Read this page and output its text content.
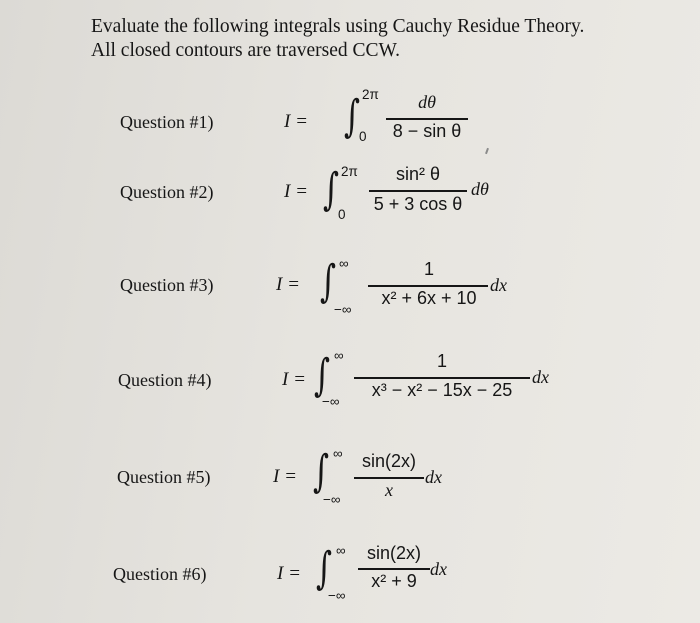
Evaluate the following integrals using Cauchy Residue Theory.
All closed contours are traversed CCW.
Question #1)	I = ∫ 2π
0
dθ
8 − sin θ
Question #2)	I = ∫ 2π
0
sin² θ
5 + 3 cos θ
dθ
Question #3)	I = ∫ ∞
−∞
1
x² + 6x + 10
dx
Question #4)	I = ∫ ∞
−∞
1
x³ − x² − 15x − 25
dx
Question #5)	I = ∫ ∞
−∞
sin(2x)
x
dx
Question #6)	I = ∫ ∞
−∞
sin(2x)
x² + 9
dx
